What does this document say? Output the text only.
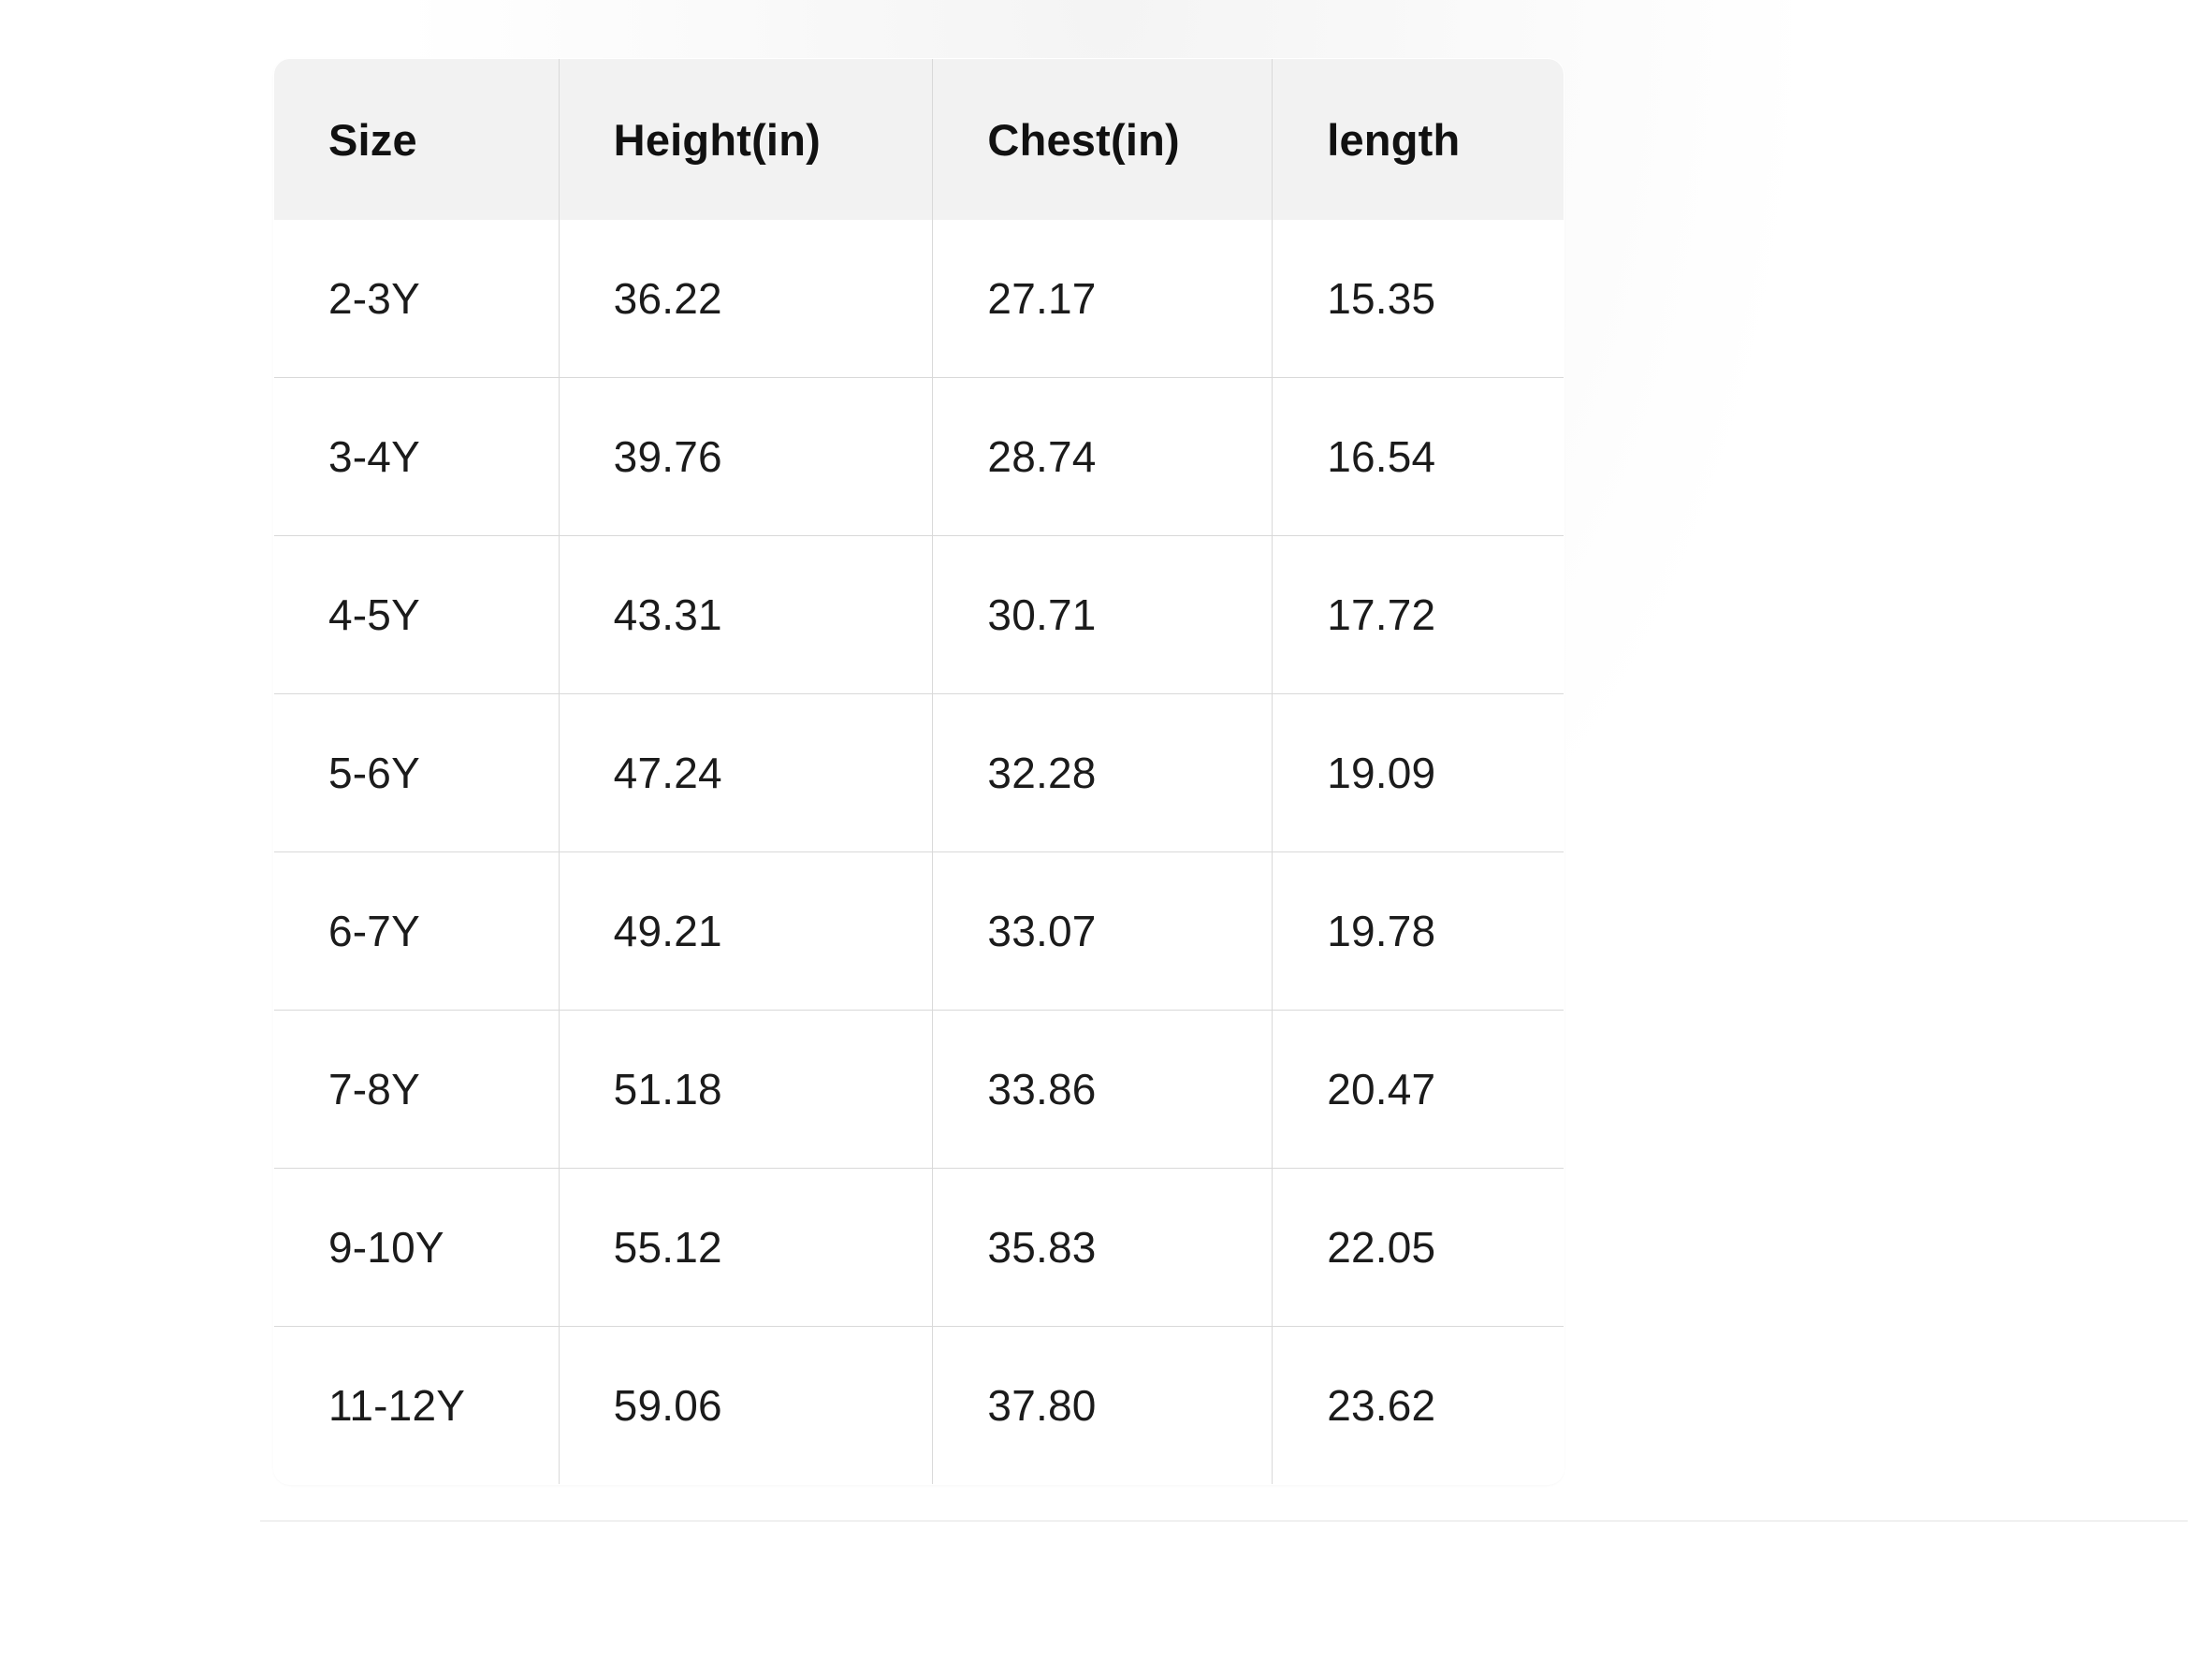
Size	Height(in)	Chest(in)	length
2-3Y	36.22	27.17	15.35
3-4Y	39.76	28.74	16.54
4-5Y	43.31	30.71	17.72
5-6Y	47.24	32.28	19.09
6-7Y	49.21	33.07	19.78
7-8Y	51.18	33.86	20.47
9-10Y	55.12	35.83	22.05
11-12Y	59.06	37.80	23.62
